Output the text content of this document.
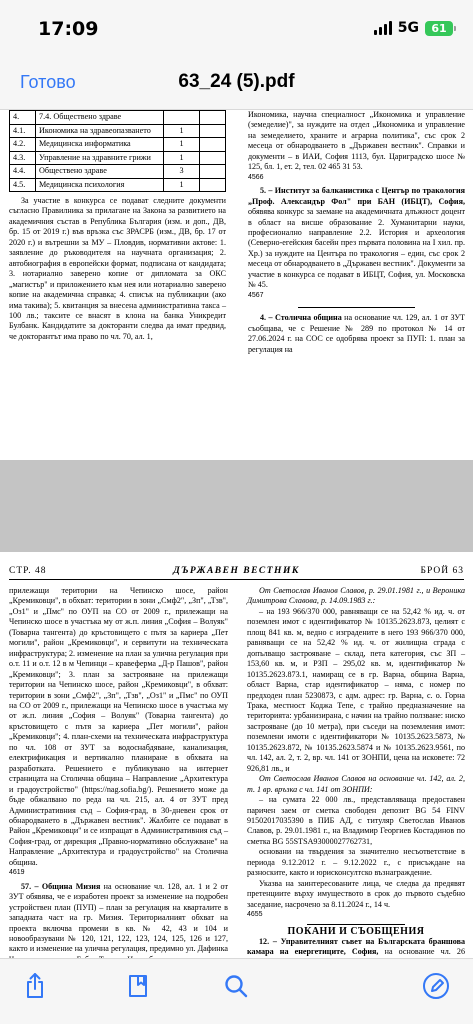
17:09	5G 61
Готово	63_24 (5).pdf
4.	7.4. Обществено здраве		
4.1.	Икономика на здравеопазването	1	
4.2.	Медицинска информатика	1	
4.3.	Управление на здравните грижи	1	
4.4.	Обществено здраве	3	
4.5.	Медицинска психология	1	

За участие в конкурса се подават следните документи съгласно Правилника за прилагане на Закона за развитието на академичния състав в Република България (изм. и доп., ДВ, бр. 15 от 2019 г.) във връзка със ЗРАСРБ (изм., ДВ, бр. 17 от 2020 г.) и вътрешни за МУ – Пловдив, нормативни актове: 1. заявление до ръководителя на научната организация; 2. автобиография в европейски формат, подписана от кандидата; 3. нотариално заверено копие от дипломата за ОКС „магистър" и приложението към нея или нотариално заверено копие на академична справка; 4. списък на публикации (ако има такива); 5. квитанция за внесена административна такса – 100 лв.; таксите се внасят в клона на банка Уникредит Булбанк. Кандидатите за докторанти следва да имат предвид, че докторантът има право по чл. 70, ал. 1,

Икономика, научна специалност „Икономика и управление (земеделие)", за нуждите на отдел „Икономика и управление на земеделието, храните и аграрна политика", със срок 2 месеца от обнародването в „Държавен вестник". Справки и документи – в ИАИ, София 1113, бул. Цариградско шосе № 125, бл. 1, ет. 2, тел. 02 465 31 53.

4566

5. – Институт за балканистика с Център по тракология „Проф. Александър Фол" при БАН (ИБЦТ), София, обявява конкурс за заемане на академичната длъжност доцент в област на висше образование 2. Хуманитарни науки, професионално направление 2.2. История и археология (Северно-егейския басейн през първата половина на I хил. пр. Хр.) за нуждите на Центъра по тракология – един, със срок 2 месеца от обнародването в „Държавен вестник". Документи за участие в конкурса се подават в ИБЦТ, София, ул. Московска № 45.

4567

4. – Столична община на основание чл. 129, ал. 1 от ЗУТ съобщава, че с Решение № 289 по протокол № 14 от 27.06.2024 г. на СОС се одобрява проект за ПУП: 1. план за регулация на

СТР. 48	ДЪРЖАВЕН ВЕСТНИК	БРОЙ 63

прилежащи територии на Чепинско шосе, район „Кремиковци", в обхват: територии в зони „Смф2", „Зп", „Тзв", „Оз1" и „Пмс" по ОУП на СО от 2009 г., прилежащи на Чепинско шосе в участъка му от ж.п. линия „София – Волуяк" (Товарна тангента) до кръстовището с пътя за кариера „Пет могили", район „Кремиковци", и сервитути на техническата инфраструктура; 2. изменение на план за улична регулация при о.т. 11 и о.т. 12 в м Чепинци – кравеферма „Д-р Пашов", район „Кремиковци"; 3. план за застрояване на прилежащи територии на Чепинско шосе, район „Кремиковци", в обхват: територии в зони „Смф2", „Зп", „Тзв", „Оз1" и „Пмс" по ОУП на СО от 2009 г., прилежащи на Чепинско шосе в участъка му от ж.п. линия „София – Волуяк" (Товарна тангента) до кръстовището с пътя за кариера „Пет могили", район „Кремиковци"; 4. план-схеми на техническата инфраструктура по чл. 108 от ЗУТ за водоснабдяване, канализация, електрификация и вертикално планиране в обхвата на разработката. Решението е публикувано на интернет страницата на Столична община – Направление „Архитектура и градоустройство" (https://nag.sofia.bg/). Решението може да бъде обжалвано по реда на чл. 215, ал. 4 от ЗУТ пред Административния съд – София-град, в 30-дневен срок от обнародването в „Държавен вестник". Жалбите се подават в Район „Кремиковци" и се изпращат в Административния съд – София-град, от дирекция „Правно-нормативно обслужване" на Направление „Архитектура и градоустройство" на Столична община.

4619

57. – Община Мизия на основание чл. 128, ал. 1 и 2 от ЗУТ обявява, че е изработен проект за изменение на подробен устройствен план (ПУП) – план за регулация на кварталите в западната част на гр. Мизия. Териториалният обхват на проекта включва промени в кв. № 42, 43 и 104 и новообразувани № 120, 121, 122, 123, 124, 125, 126 и 127, както и изменение на улична регулация, предимно ул. Дафинка

От Светослав Иванов Славов, р. 29.01.1981 г., и Вероника Димитрова Славова, р. 14.09.1983 г.:

– на 193 966/370 000, равняващи се на 52,42 % ид. ч. от поземлен имот с идентификатор № 10135.2623.873, целият с площ 841 кв. м, ведно с изградените в него 193 966/370 000, равняващи се на 52,42 % ид. ч. от жилищна сграда с допълващо застрояване – склад, пета категория, със ЗП – 153,60 кв. м, и РЗП – 295,02 кв. м, идентификатор № 10135.2623.873.1, намиращ се в гр. Варна, община Варна, област Варна, стар идентификатор – няма, с номер по предходен план 5230873, с адм. адрес: гр. Варна, с. о. Горна Трака, местност Коджа Тепе, с трайно предназначение на територията: урбанизирана, с начин на трайно ползване: ниско застрояване (до 10 метра), при съседи на поземления имот: поземлени имоти с идентификатори № 10135.2623.5873, № 10135.2623.872, № 10135.2623.5874 и № 10135.2623.9561, по чл. 142, ал. 2, т. 2, вр. чл. 141 от ЗОНПИ, цена на исковете: 72 926,81 лв., и

От Светослав Иванов Славов на основание чл. 142, ал. 2, т. 1 вр. връзка с чл. 141 от ЗОНПИ:

– на сумата 22 000 лв., представляваща предоставен паричен заем от сметка свободен депозит BG 54 FINV 91502017035390 в ПИБ АД, с титуляр Светослав Иванов Славов, р. 29.01.1981 г., на Владимир Георгиев Костадинов по сметка BG 55STSA93000027762731,

основани на твърдения за значително несъответствие в периода 9.12.2012 г. – 9.12.2022 г., с присъждане на разноските, както и юрисконсултско възнаграждение.

Указва на заинтересованите лица, че следва да предявят претенциите върху имуществото в срок до първото съдебно заседание, насрочено за 8.11.2024 г., 14 ч.

4655

ПОКАНИ И СЪОБЩЕНИЯ

12. – Управителният съвет на Българската браншова камара на енергетиците, София, на основание чл. 26
